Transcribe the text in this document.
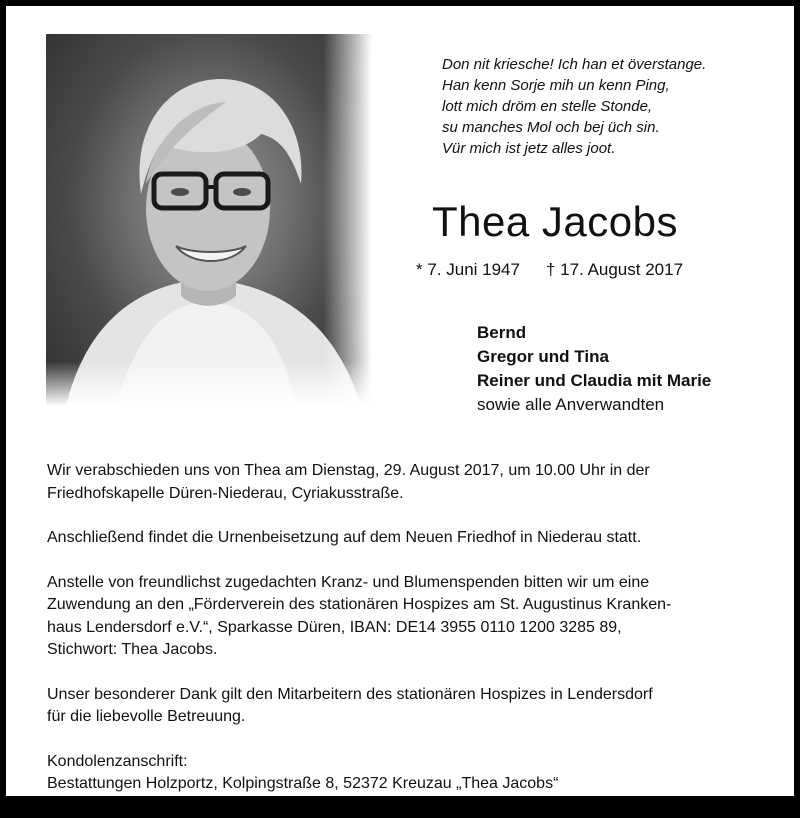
Don nit kriesche! Ich han et överstange.
Han kenn Sorje mih un kenn Ping,
lott mich dröm en stelle Stonde,
su manches Mol och bej üch sin.
Vür mich ist jetz alles joot.
Thea Jacobs
* 7. Juni 1947 † 17. August 2017
Bernd
Gregor und Tina
Reiner und Claudia mit Marie
sowie alle Anverwandten

Wir verabschieden uns von Thea am Dienstag, 29. August 2017, um 10.00 Uhr in der
Friedhofskapelle Düren-Niederau, Cyriakusstraße.

Anschließend findet die Urnenbeisetzung auf dem Neuen Friedhof in Niederau statt.

Anstelle von freundlichst zugedachten Kranz- und Blumenspenden bitten wir um eine
Zuwendung an den „Förderverein des stationären Hospizes am St. Augustinus Kranken-
haus Lendersdorf e.V.“, Sparkasse Düren, IBAN: DE14 3955 0110 1200 3285 89,
Stichwort: Thea Jacobs.

Unser besonderer Dank gilt den Mitarbeitern des stationären Hospizes in Lendersdorf
für die liebevolle Betreuung.

Kondolenzanschrift:
Bestattungen Holzportz, Kolpingstraße 8, 52372 Kreuzau „Thea Jacobs“
